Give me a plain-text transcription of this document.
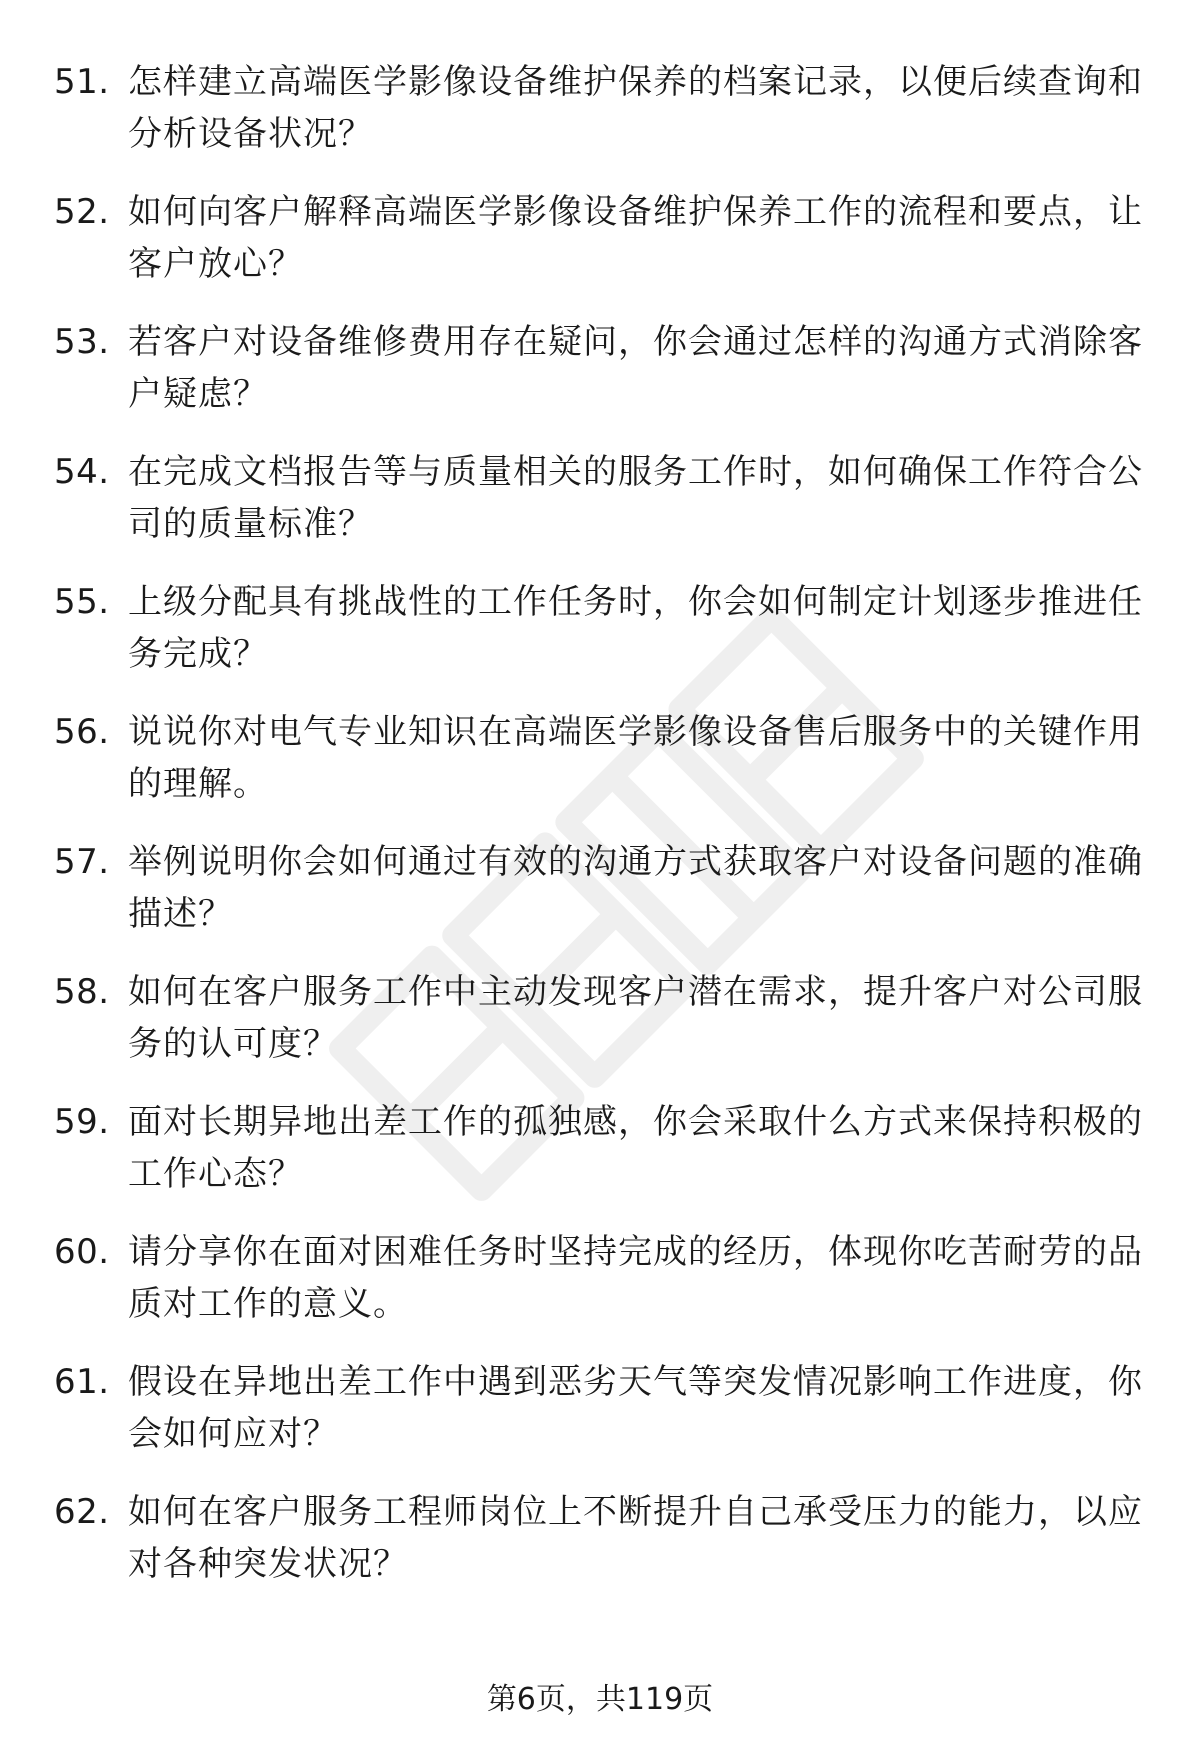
51. 怎样建立高端医学影像设备维护保养的档案记录，以便后续查询和分析设备状况？
52. 如何向客户解释高端医学影像设备维护保养工作的流程和要点，让客户放心？
53. 若客户对设备维修费用存在疑问，你会通过怎样的沟通方式消除客户疑虑？
54. 在完成文档报告等与质量相关的服务工作时，如何确保工作符合公司的质量标准？
55. 上级分配具有挑战性的工作任务时，你会如何制定计划逐步推进任务完成？
56. 说说你对电气专业知识在高端医学影像设备售后服务中的关键作用的理解。
57. 举例说明你会如何通过有效的沟通方式获取客户对设备问题的准确描述？
58. 如何在客户服务工作中主动发现客户潜在需求，提升客户对公司服务的认可度？
59. 面对长期异地出差工作的孤独感，你会采取什么方式来保持积极的工作心态？
60. 请分享你在面对困难任务时坚持完成的经历，体现你吃苦耐劳的品质对工作的意义。
61. 假设在异地出差工作中遇到恶劣天气等突发情况影响工作进度，你会如何应对？
62. 如何在客户服务工程师岗位上不断提升自己承受压力的能力，以应对各种突发状况？
第6页，共119页
